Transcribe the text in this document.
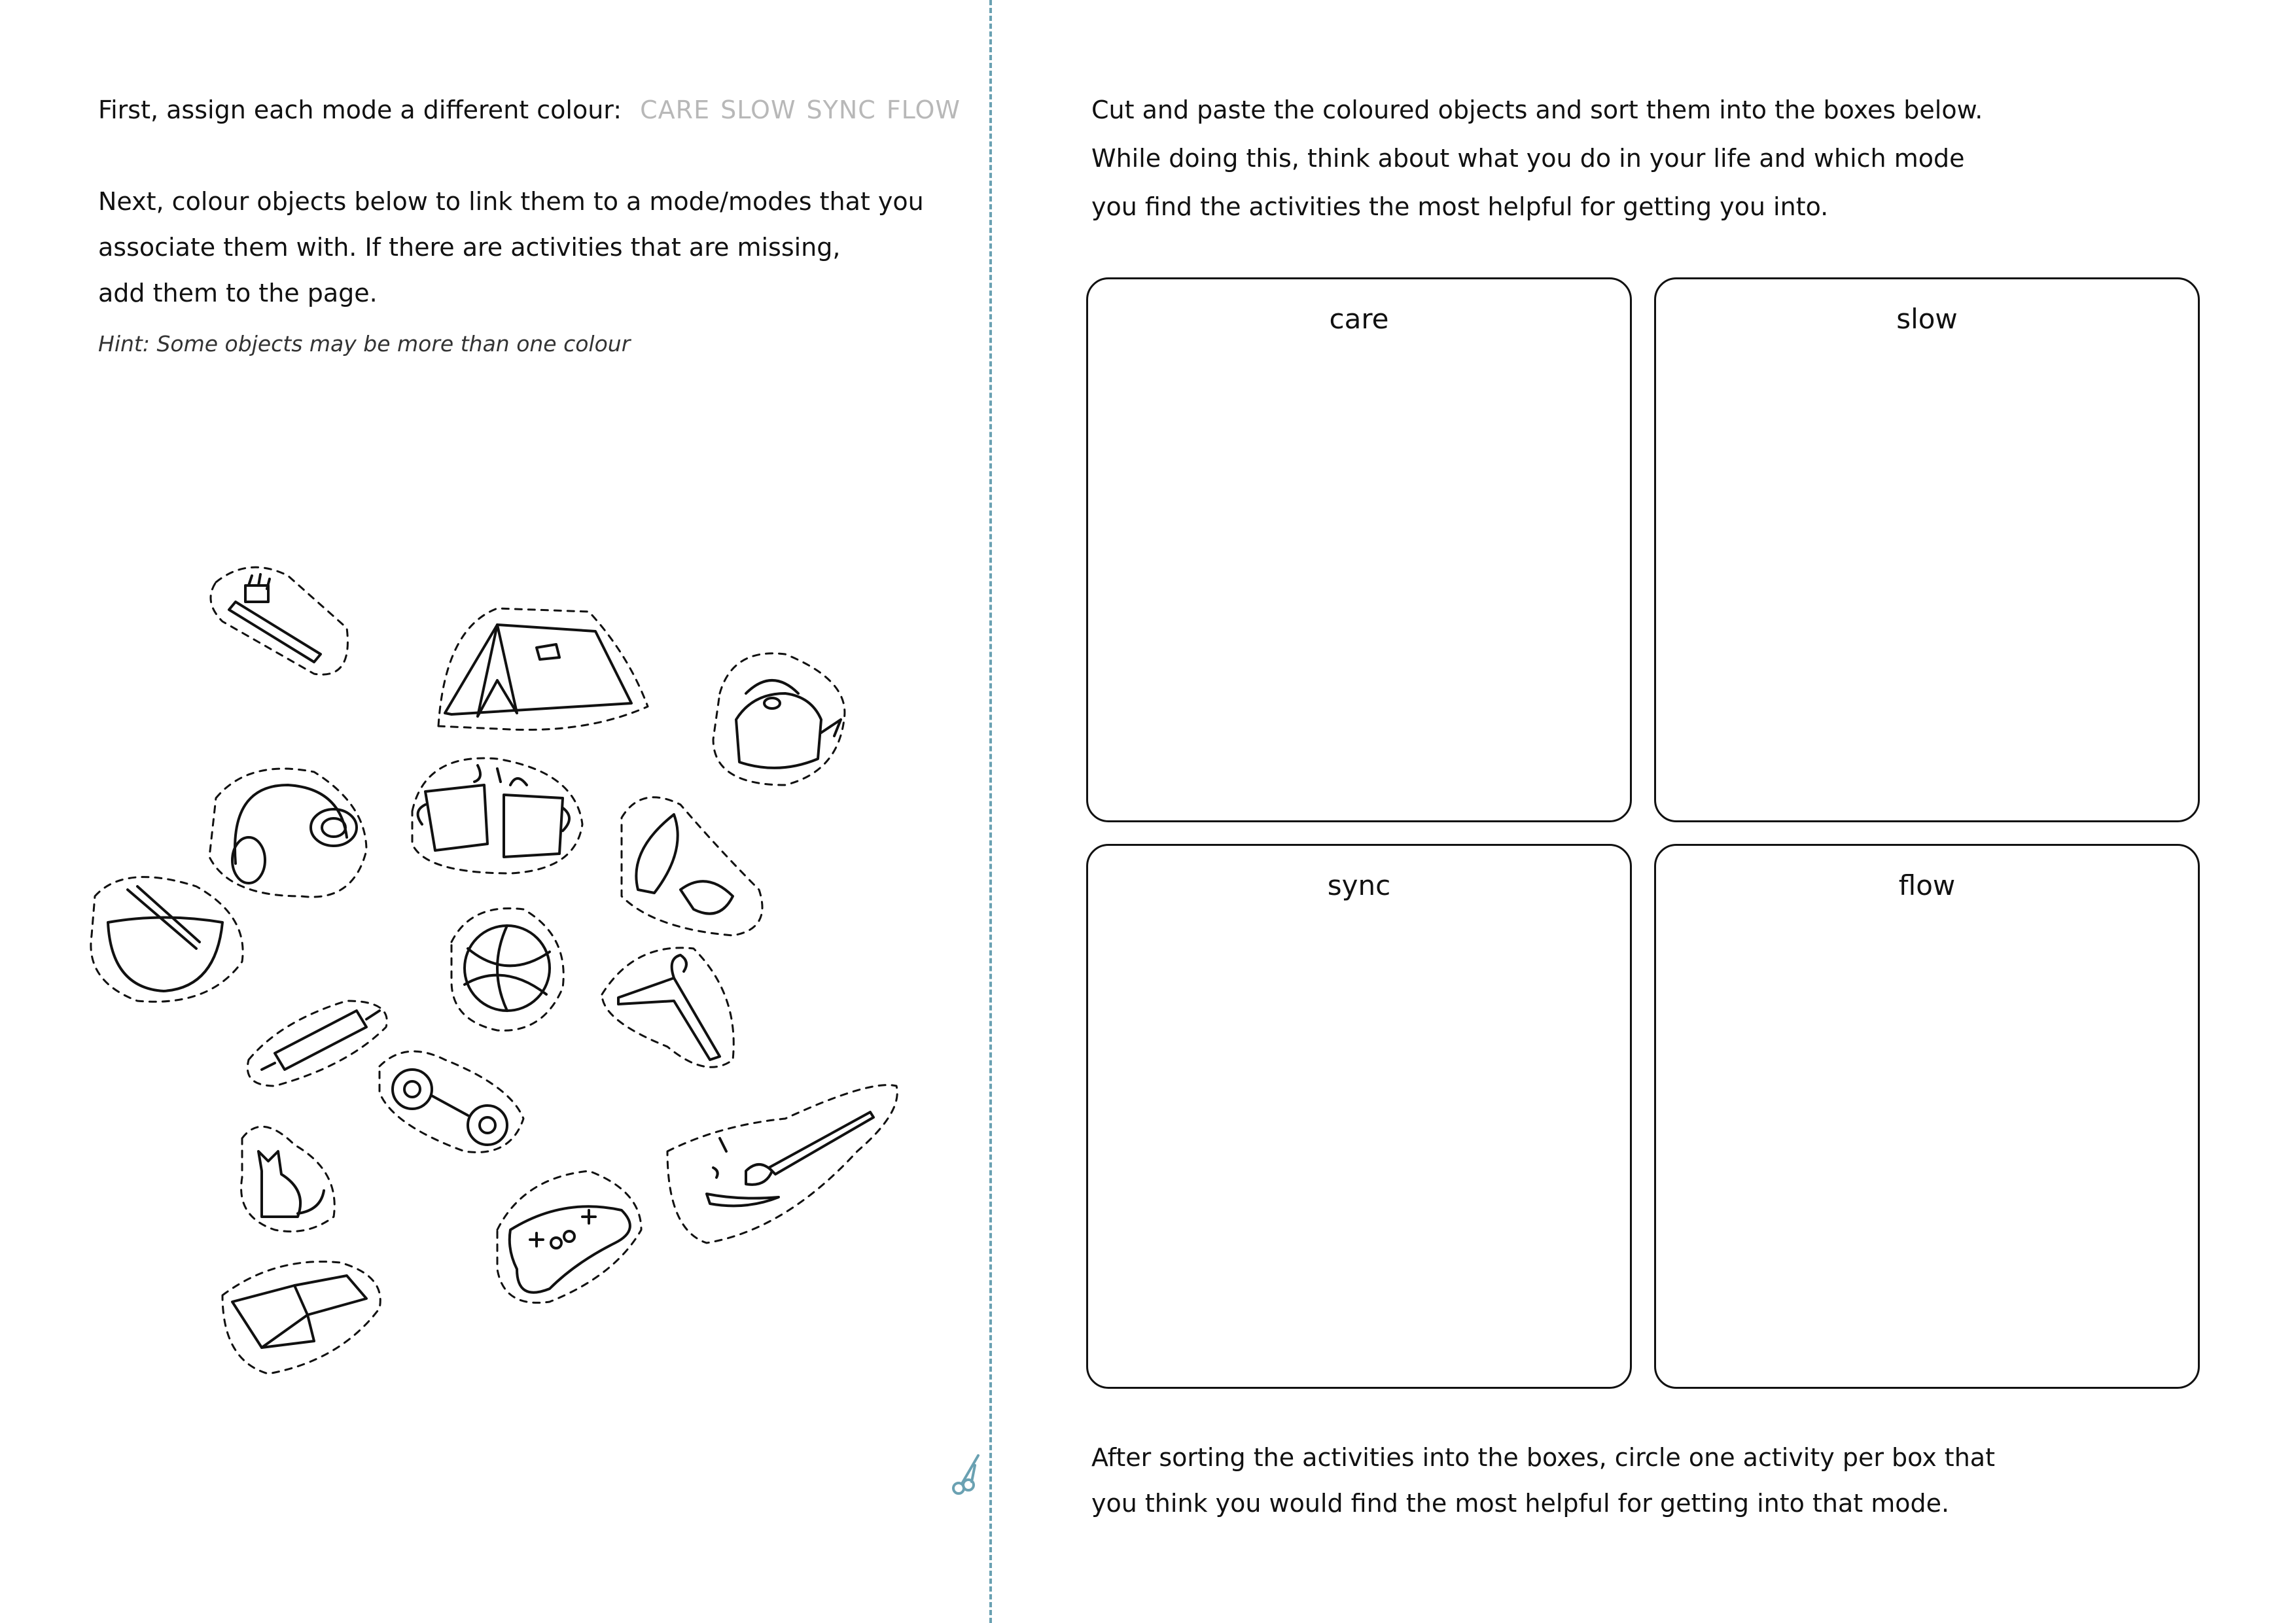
First, assign each mode a different colour: CARE SLOW SYNC FLOW
Next, colour objects below to link them to a mode/modes that you
associate them with. If there are activities that are missing,
add them to the page.
Hint: Some objects may be more than one colour
Cut and paste the coloured objects and sort them into the boxes below.
While doing this, think about what you do in your life and which mode
you find the activities the most helpful for getting you into.
care	slow
sync	flow
After sorting the activities into the boxes, circle one activity per box that
you think you would find the most helpful for getting into that mode.
